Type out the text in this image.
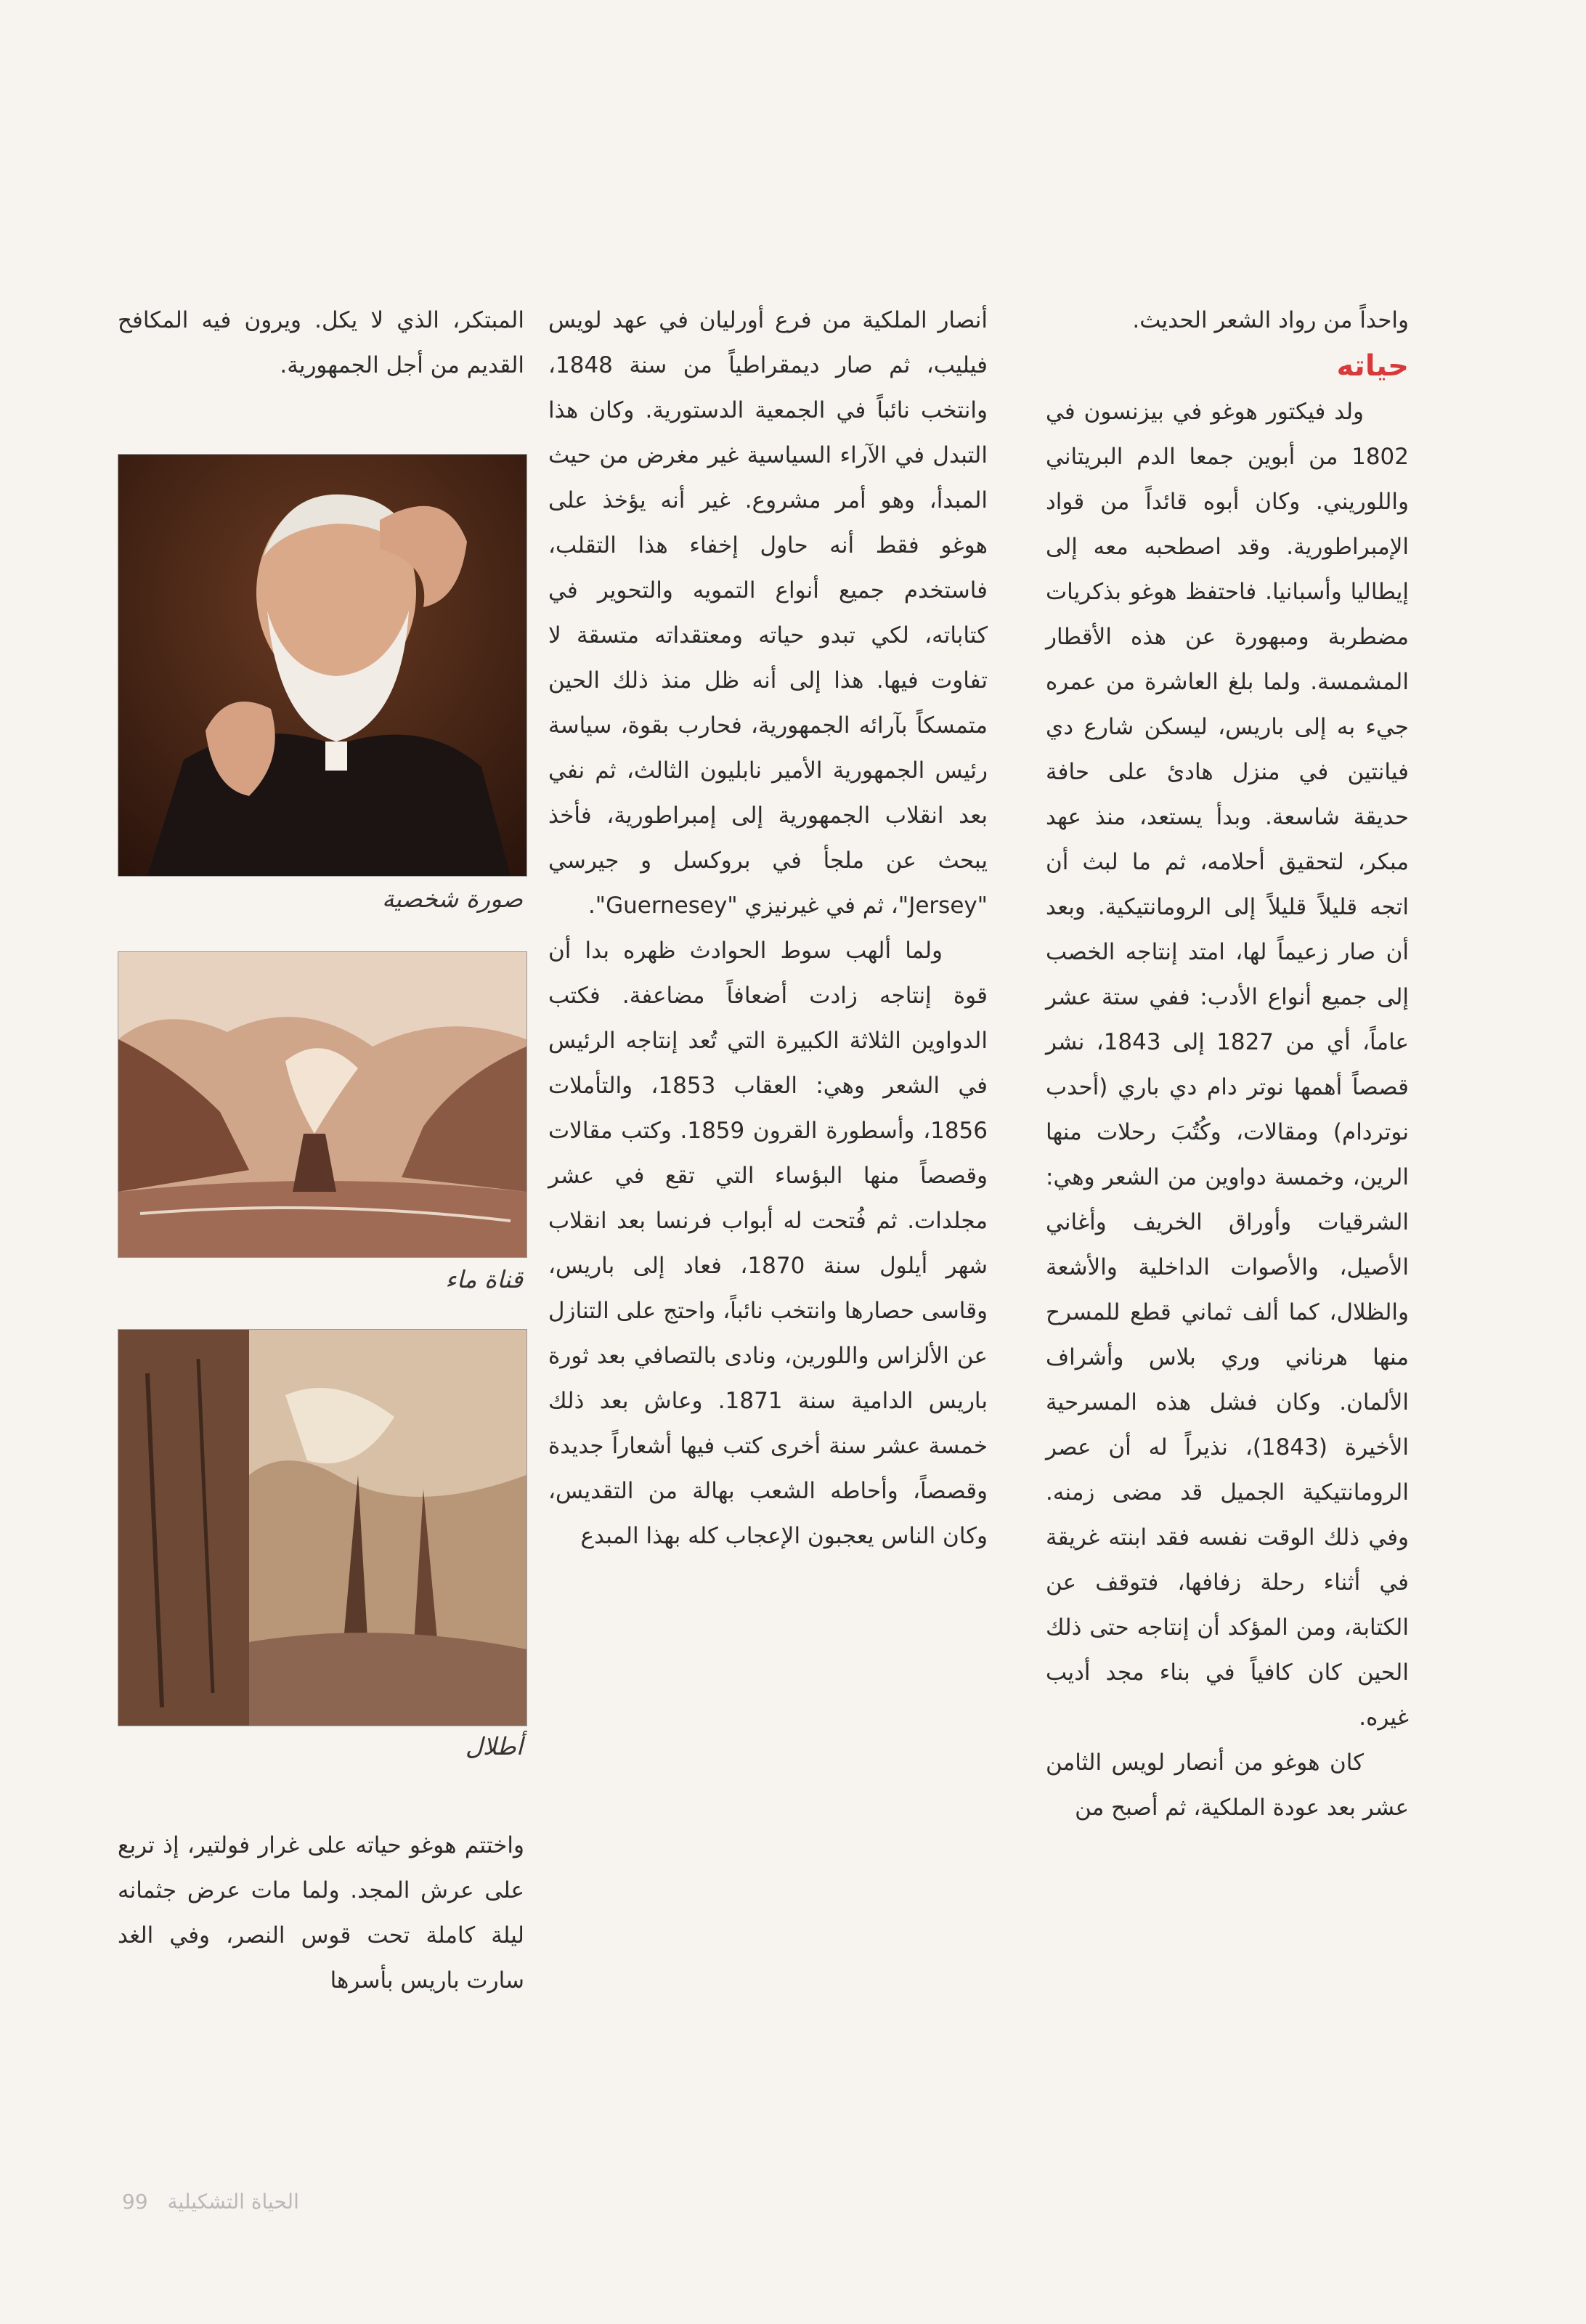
واحداً من رواد الشعر الحديث.

حياته

ولد فيكتور هوغو في بيزنسون في 1802 من أبوين جمعا الدم البريتاني واللوريني. وكان أبوه قائداً من قواد الإمبراطورية. وقد اصطحبه معه إلى إيطاليا وأسبانيا. فاحتفظ هوغو بذكريات مضطربة ومبهورة عن هذه الأقطار المشمسة. ولما بلغ العاشرة من عمره جيء به إلى باريس، ليسكن شارع دي فيانتين في منزل هادئ على حافة حديقة شاسعة. وبدأ يستعد، منذ عهد مبكر، لتحقيق أحلامه، ثم ما لبث أن اتجه قليلاً قليلاً إلى الرومانتيكية. وبعد أن صار زعيماً لها، امتد إنتاجه الخصب إلى جميع أنواع الأدب: ففي ستة عشر عاماً، أي من 1827 إلى 1843، نشر قصصاً أهمها نوتر دام دي باري (أحدب نوتردام) ومقالات، وكُتُبَ رحلات منها الرين، وخمسة دواوين من الشعر وهي: الشرقيات وأوراق الخريف وأغاني الأصيل، والأصوات الداخلية والأشعة والظلال، كما ألف ثماني قطع للمسرح منها هرناني وري بلاس وأشراف الألمان. وكان فشل هذه المسرحية الأخيرة (1843)، نذيراً له أن عصر الرومانتيكية الجميل قد مضى زمنه. وفي ذلك الوقت نفسه فقد ابنته غريقة في أثناء رحلة زفافها، فتوقف عن الكتابة، ومن المؤكد أن إنتاجه حتى ذلك الحين كان كافياً في بناء مجد أديب غيره.

كان هوغو من أنصار لويس الثامن عشر بعد عودة الملكية، ثم أصبح من

أنصار الملكية من فرع أورليان في عهد لويس فيليب، ثم صار ديمقراطياً من سنة 1848، وانتخب نائباً في الجمعية الدستورية. وكان هذا التبدل في الآراء السياسية غير مغرض من حيث المبدأ، وهو أمر مشروع. غير أنه يؤخذ على هوغو فقط أنه حاول إخفاء هذا التقلب، فاستخدم جميع أنواع التمويه والتحوير في كتاباته، لكي تبدو حياته ومعتقداته متسقة لا تفاوت فيها. هذا إلى أنه ظل منذ ذلك الحين متمسكاً بآرائه الجمهورية، فحارب بقوة، سياسة رئيس الجمهورية الأمير نابليون الثالث، ثم نفي بعد انقلاب الجمهورية إلى إمبراطورية، فأخذ يبحث عن ملجأ في بروكسل و جيرسي "Jersey"، ثم في غيرنيزي "Guernesey".

ولما ألهب سوط الحوادث ظهره بدا أن قوة إنتاجه زادت أضعافاً مضاعفة. فكتب الدواوين الثلاثة الكبيرة التي تُعد إنتاجه الرئيس في الشعر وهي: العقاب 1853، والتأملات 1856، وأسطورة القرون 1859. وكتب مقالات وقصصاً منها البؤساء التي تقع في عشر مجلدات. ثم فُتحت له أبواب فرنسا بعد انقلاب شهر أيلول سنة 1870، فعاد إلى باريس، وقاسى حصارها وانتخب نائباً، واحتج على التنازل عن الألزاس واللورين، ونادى بالتصافي بعد ثورة باريس الدامية سنة 1871. وعاش بعد ذلك خمسة عشر سنة أخرى كتب فيها أشعاراً جديدة وقصصاً، وأحاطه الشعب بهالة من التقديس، وكان الناس يعجبون الإعجاب كله بهذا المبدع

المبتكر، الذي لا يكل. ويرون فيه المكافح القديم من أجل الجمهورية.

صورة شخصية
قناة ماء
أطلال

واختتم هوغو حياته على غرار فولتير، إذ تربع على عرش المجد. ولما مات عرض جثمانه ليلة كاملة تحت قوس النصر، وفي الغد سارت باريس بأسرها

99 الحياة التشكيلية
